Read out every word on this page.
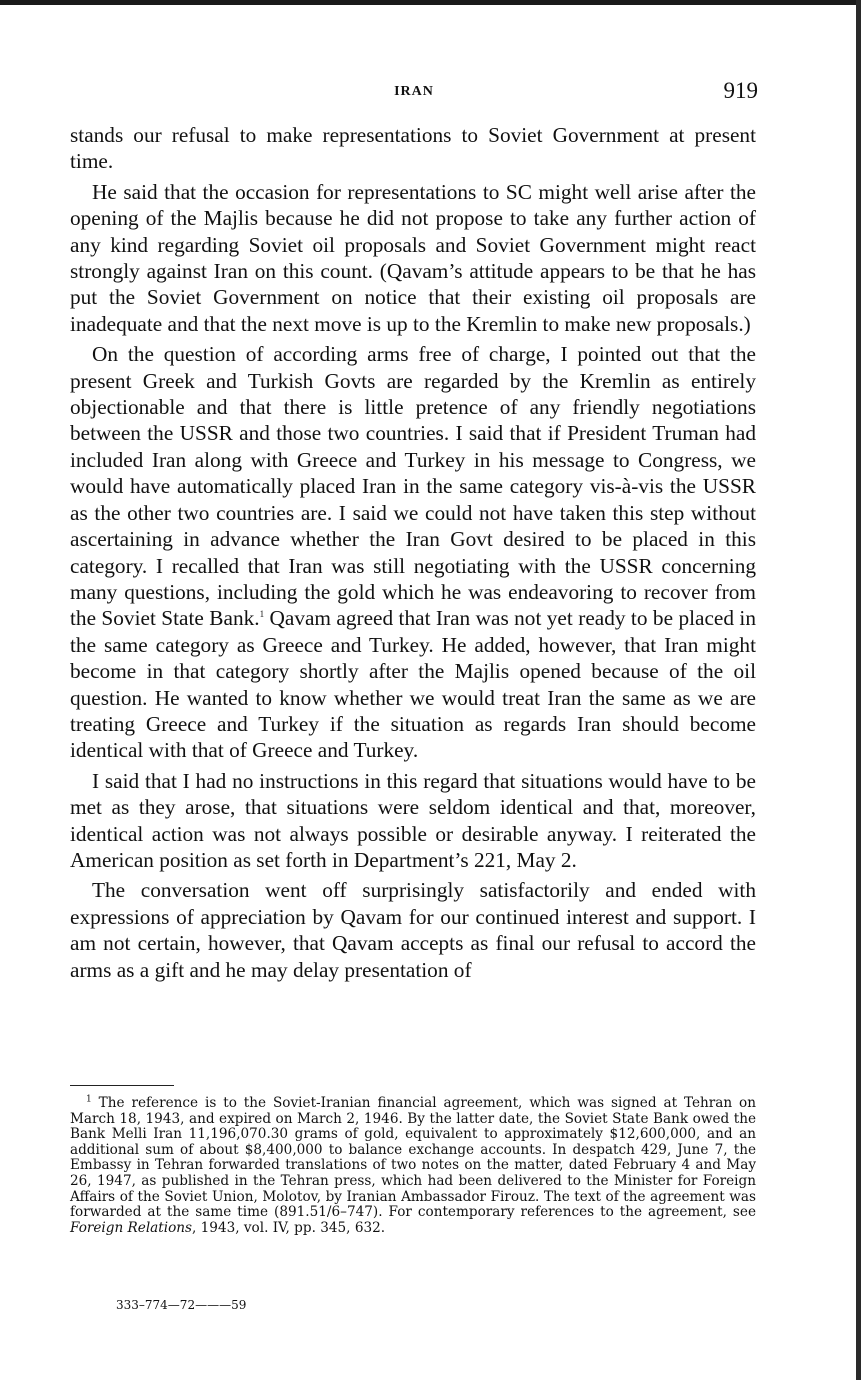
IRAN	919

stands our refusal to make representations to Soviet Government at present time.

He said that the occasion for representations to SC might well arise after the opening of the Majlis because he did not propose to take any further action of any kind regarding Soviet oil proposals and Soviet Government might react strongly against Iran on this count. (Qavam’s attitude appears to be that he has put the Soviet Government on notice that their existing oil proposals are inadequate and that the next move is up to the Kremlin to make new proposals.)

On the question of according arms free of charge, I pointed out that the present Greek and Turkish Govts are regarded by the Kremlin as entirely objectionable and that there is little pretence of any friendly negotiations between the USSR and those two countries. I said that if President Truman had included Iran along with Greece and Turkey in his message to Congress, we would have automatically placed Iran in the same category vis-à-vis the USSR as the other two countries are. I said we could not have taken this step without ascertaining in advance whether the Iran Govt desired to be placed in this category. I recalled that Iran was still negotiating with the USSR concerning many questions, including the gold which he was endeavoring to recover from the Soviet State Bank.$^1$ Qavam agreed that Iran was not yet ready to be placed in the same category as Greece and Turkey. He added, however, that Iran might become in that category shortly after the Majlis opened because of the oil question. He wanted to know whether we would treat Iran the same as we are treating Greece and Turkey if the situation as regards Iran should become identical with that of Greece and Turkey.

I said that I had no instructions in this regard that situations would have to be met as they arose, that situations were seldom identical and that, moreover, identical action was not always possible or desirable anyway. I reiterated the American position as set forth in Department’s 221, May 2.

The conversation went off surprisingly satisfactorily and ended with expressions of appreciation by Qavam for our continued interest and support. I am not certain, however, that Qavam accepts as final our refusal to accord the arms as a gift and he may delay presentation of

$^1$ The reference is to the Soviet-Iranian financial agreement, which was signed at Tehran on March 18, 1943, and expired on March 2, 1946. By the latter date, the Soviet State Bank owed the Bank Melli Iran 11,196,070.30 grams of gold, equivalent to approximately $12,600,000, and an additional sum of about $8,400,000 to balance exchange accounts. In despatch 429, June 7, the Embassy in Tehran forwarded translations of two notes on the matter, dated February 4 and May 26, 1947, as published in the Tehran press, which had been delivered to the Minister for Foreign Affairs of the Soviet Union, Molotov, by Iranian Ambassador Firouz. The text of the agreement was forwarded at the same time (891.51/6–747). For contemporary references to the agreement, see Foreign Relations, 1943, vol. IV, pp. 345, 632.

333–774—72———59
